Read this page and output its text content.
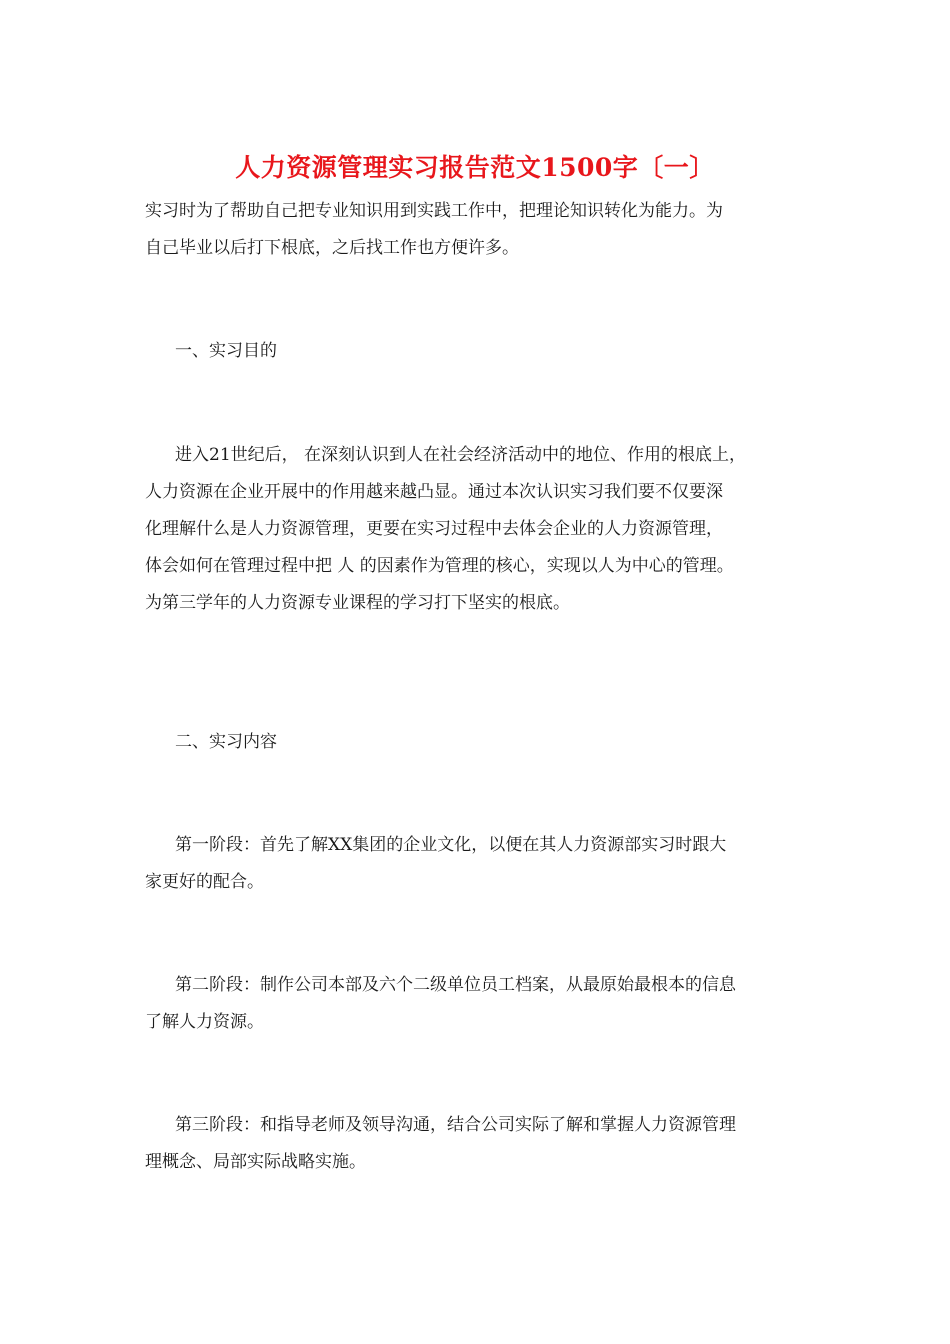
人力资源管理实习报告范文1500字〔一〕
实习时为了帮助自己把专业知识用到实践工作中，把理论知识转化为能力。为
自己毕业以后打下根底，之后找工作也方便许多。
一、实习目的
进入21世纪后， 在深刻认识到人在社会经济活动中的地位、作用的根底上，
人力资源在企业开展中的作用越来越凸显。通过本次认识实习我们要不仅要深
化理解什么是人力资源管理，更要在实习过程中去体会企业的人力资源管理，
体会如何在管理过程中把 人 的因素作为管理的核心，实现以人为中心的管理。
为第三学年的人力资源专业课程的学习打下坚实的根底。
二、实习内容
第一阶段：首先了解XX集团的企业文化，以便在其人力资源部实习时跟大
家更好的配合。
第二阶段：制作公司本部及六个二级单位员工档案，从最原始最根本的信息
了解人力资源。
第三阶段：和指导老师及领导沟通，结合公司实际了解和掌握人力资源管理
理概念、局部实际战略实施。
